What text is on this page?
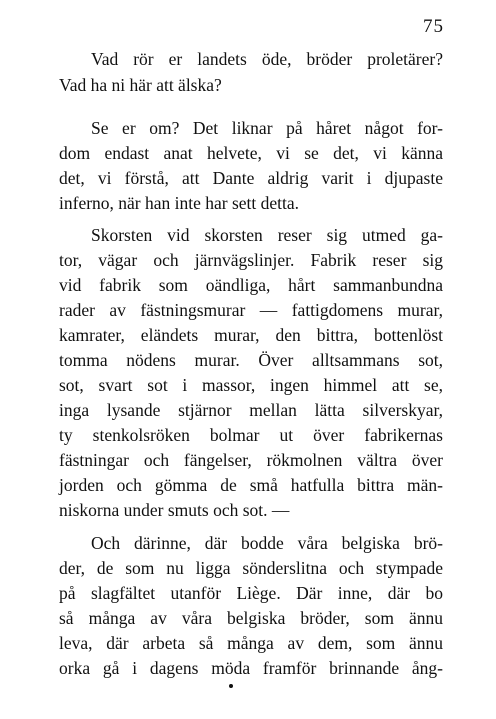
75
Vad rör er landets öde, bröder proletärer?
Vad ha ni här att älska?
Se er om? Det liknar på håret något for-
dom endast anat helvete, vi se det, vi känna
det, vi förstå, att Dante aldrig varit i djupaste
inferno, när han inte har sett detta.
Skorsten vid skorsten reser sig utmed ga-
tor, vägar och järnvägslinjer. Fabrik reser sig
vid fabrik som oändliga, hårt sammanbundna
rader av fästningsmurar — fattigdomens murar,
kamrater, eländets murar, den bittra, bottenlöst
tomma nödens murar. Över alltsammans sot,
sot, svart sot i massor, ingen himmel att se,
inga lysande stjärnor mellan lätta silverskyar,
ty stenkolsröken bolmar ut över fabrikernas
fästningar och fängelser, rökmolnen vältra över
jorden och gömma de små hatfulla bittra män-
niskorna under smuts och sot. —
Och därinne, där bodde våra belgiska brö-
der, de som nu ligga sönderslitna och stympade
på slagfältet utanför Liège. Där inne, där bo
så många av våra belgiska bröder, som ännu
leva, där arbeta så många av dem, som ännu
orka gå i dagens möda framför brinnande ång-
